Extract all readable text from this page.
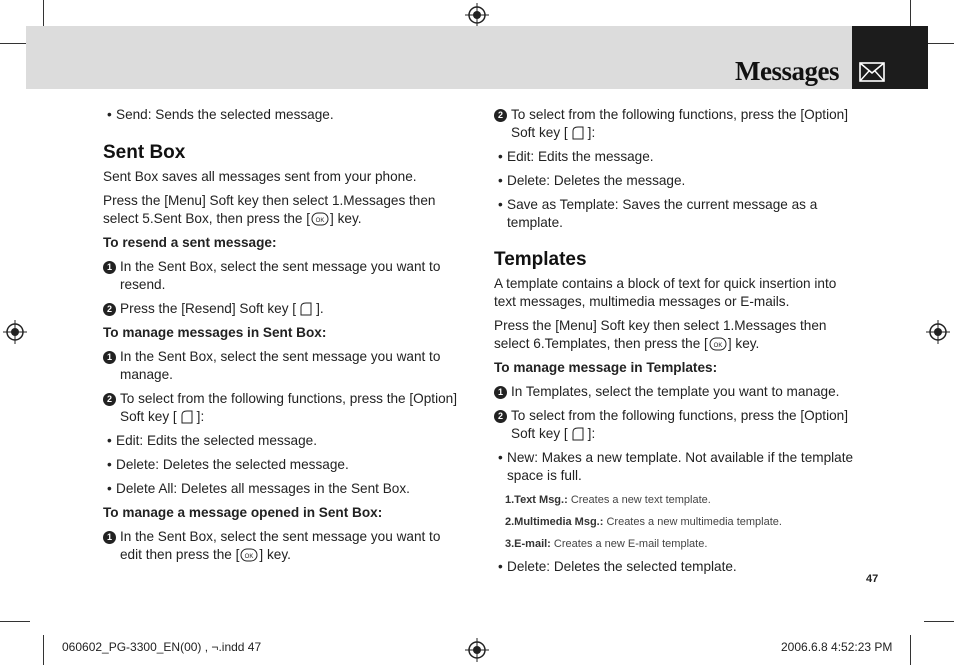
Messages

• Send: Sends the selected message.

Sent Box

Sent Box saves all messages sent from your phone.

Press the [Menu] Soft key then select 1.Messages then select 5.Sent Box, then press the [ OK ] key.

To resend a sent message:

1 In the Sent Box, select the sent message you want to resend.

2 Press the [Resend] Soft key [ ].

To manage messages in Sent Box:

1 In the Sent Box, select the sent message you want to manage.

2 To select from the following functions, press the [Option] Soft key [ ]:

• Edit: Edits the selected message.

• Delete: Deletes the selected message.

• Delete All: Deletes all messages in the Sent Box.

To manage a message opened in Sent Box:

1 In the Sent Box, select the sent message you want to edit then press the [ OK ] key.

2 To select from the following functions, press the [Option] Soft key [ ]:

• Edit: Edits the message.

• Delete: Deletes the message.

• Save as Template: Saves the current message as a template.

Templates

A template contains a block of text for quick insertion into text messages, multimedia messages or E-mails.

Press the [Menu] Soft key then select 1.Messages then select 6.Templates, then press the [ OK ] key.

To manage message in Templates:

1 In Templates, select the template you want to manage.

2 To select from the following functions, press the [Option] Soft key [ ]:

• New: Makes a new template. Not available if the template space is full.

1.Text Msg.: Creates a new text template.

2.Multimedia Msg.: Creates a new multimedia template.

3.E-mail: Creates a new E-mail template.

• Delete: Deletes the selected template.

47
060602_PG-3300_EN(00) , ¬.indd 47	2006.6.8 4:52:23 PM
